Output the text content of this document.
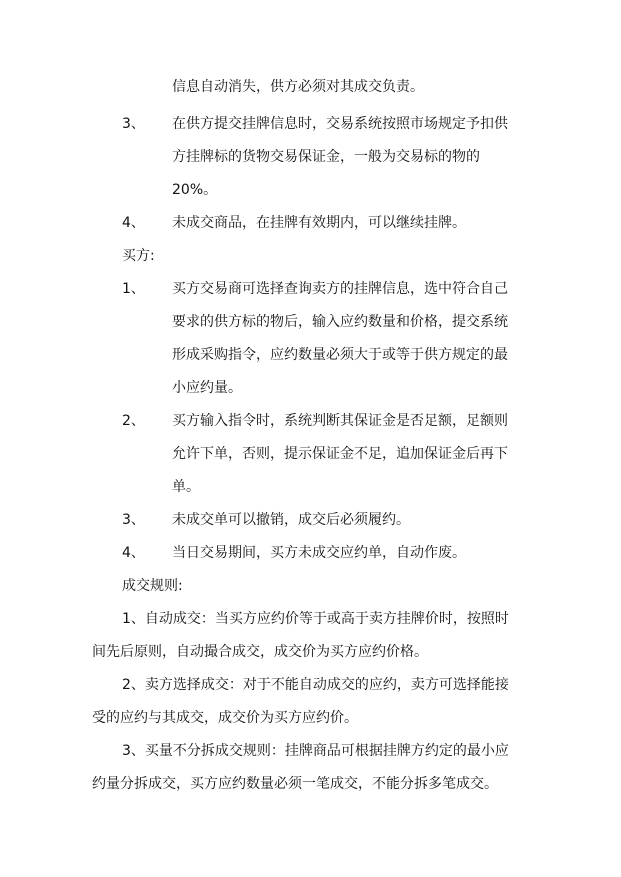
信息自动消失，供方必须对其成交负责。
3、 在供方提交挂牌信息时，交易系统按照市场规定予扣供
方挂牌标的货物交易保证金，一般为交易标的物的
20%。
4、 未成交商品，在挂牌有效期内，可以继续挂牌。
买方:
1、 买方交易商可选择查询卖方的挂牌信息，选中符合自己
要求的供方标的物后，输入应约数量和价格，提交系统
形成采购指令，应约数量必须大于或等于供方规定的最
小应约量。
2、 买方输入指令时，系统判断其保证金是否足额，足额则
允许下单，否则，提示保证金不足，追加保证金后再下
单。
3、 未成交单可以撤销，成交后必须履约。
4、 当日交易期间，买方未成交应约单，自动作废。
成交规则:
1、自动成交：当买方应约价等于或高于卖方挂牌价时，按照时
间先后原则，自动撮合成交，成交价为买方应约价格。
2、卖方选择成交：对于不能自动成交的应约，卖方可选择能接
受的应约与其成交，成交价为买方应约价。
3、买量不分拆成交规则：挂牌商品可根据挂牌方约定的最小应
约量分拆成交，买方应约数量必须一笔成交，不能分拆多笔成交。
